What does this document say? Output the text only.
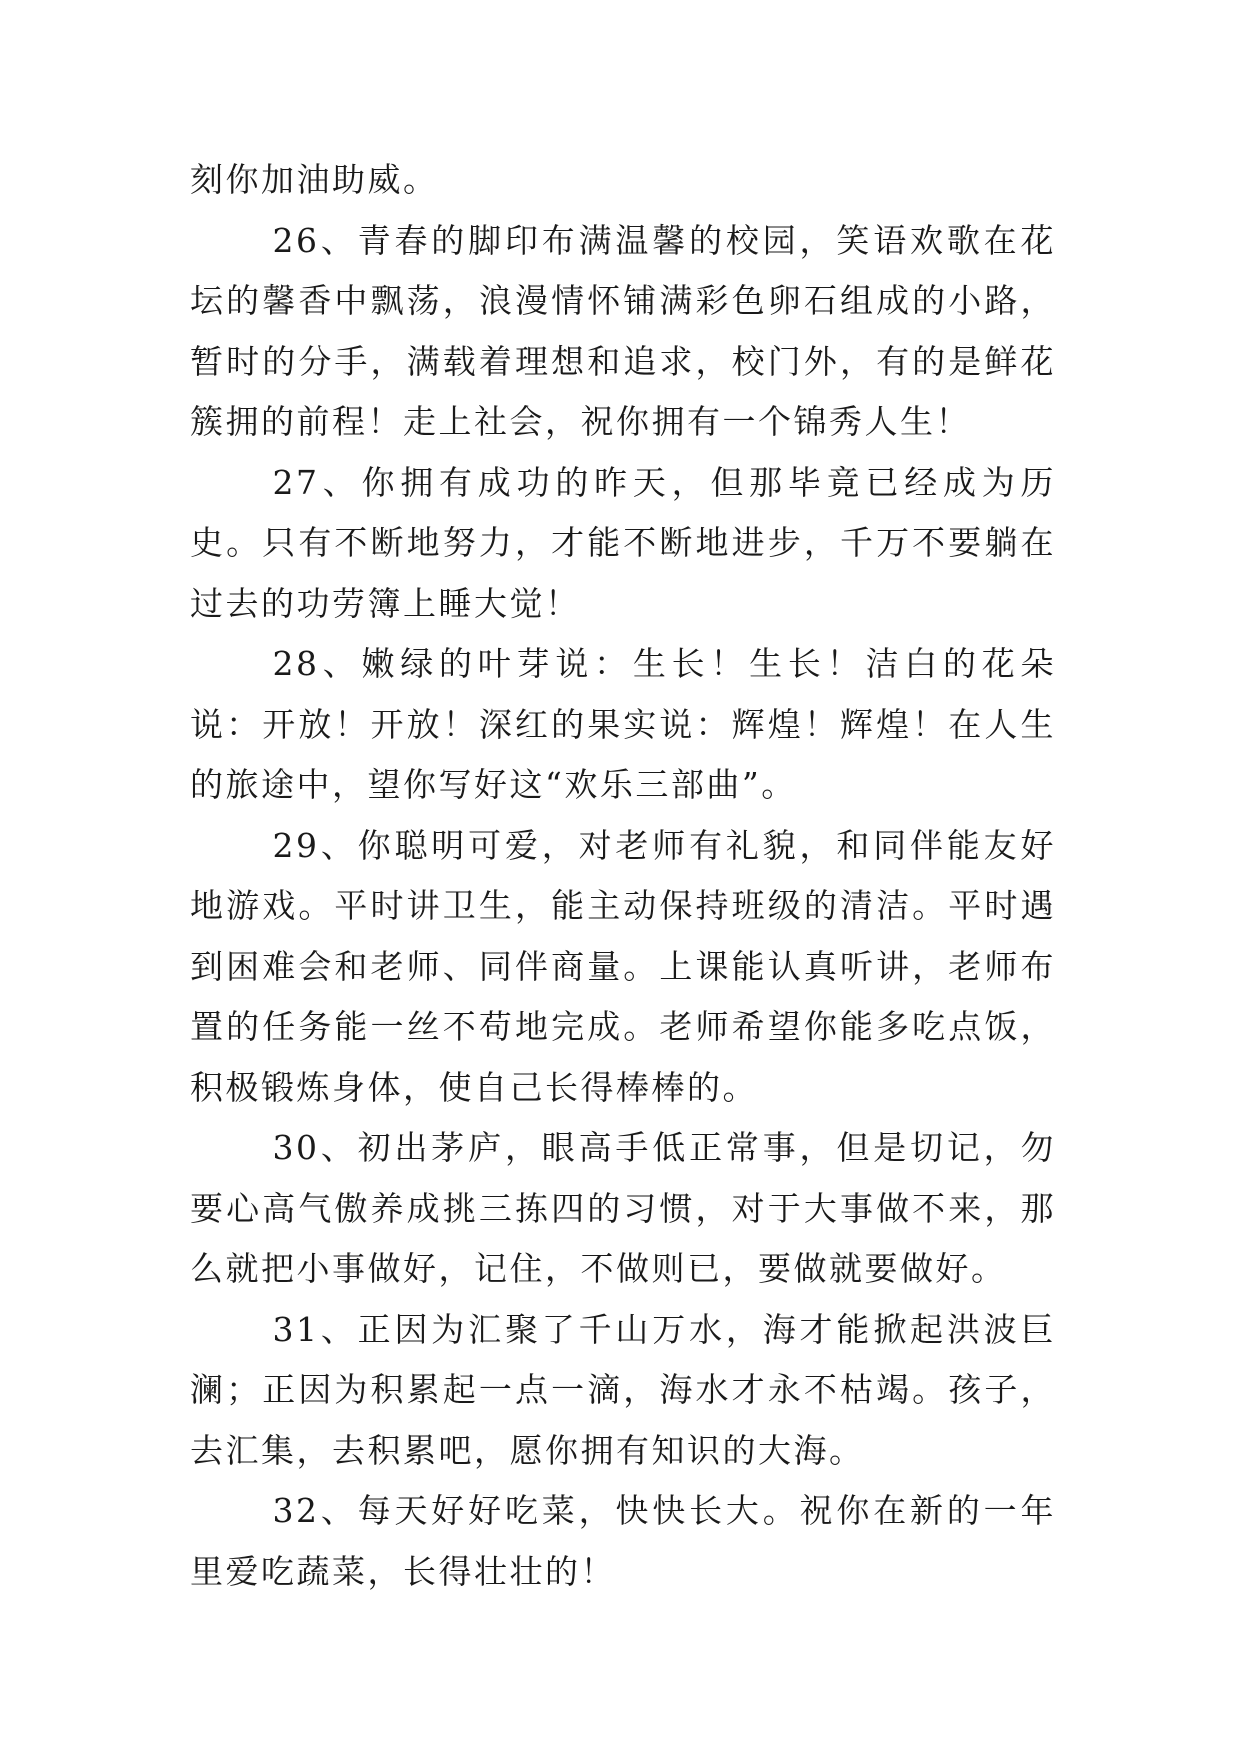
刻你加油助威。

26、青春的脚印布满温馨的校园，笑语欢歌在花坛的馨香中飘荡，浪漫情怀铺满彩色卵石组成的小路，暂时的分手，满载着理想和追求，校门外，有的是鲜花簇拥的前程！走上社会，祝你拥有一个锦秀人生！

27、你拥有成功的昨天，但那毕竟已经成为历史。只有不断地努力，才能不断地进步，千万不要躺在过去的功劳簿上睡大觉！

28、嫩绿的叶芽说：生长！生长！洁白的花朵说：开放！开放！深红的果实说：辉煌！辉煌！在人生的旅途中，望你写好这“欢乐三部曲”。

29、你聪明可爱，对老师有礼貌，和同伴能友好地游戏。平时讲卫生，能主动保持班级的清洁。平时遇到困难会和老师、同伴商量。上课能认真听讲，老师布置的任务能一丝不苟地完成。老师希望你能多吃点饭，积极锻炼身体，使自己长得棒棒的。

30、初出茅庐，眼高手低正常事，但是切记，勿要心高气傲养成挑三拣四的习惯，对于大事做不来，那么就把小事做好，记住，不做则已，要做就要做好。

31、正因为汇聚了千山万水，海才能掀起洪波巨澜；正因为积累起一点一滴，海水才永不枯竭。孩子，去汇集，去积累吧，愿你拥有知识的大海。

32、每天好好吃菜，快快长大。祝你在新的一年里爱吃蔬菜，长得壮壮的！
